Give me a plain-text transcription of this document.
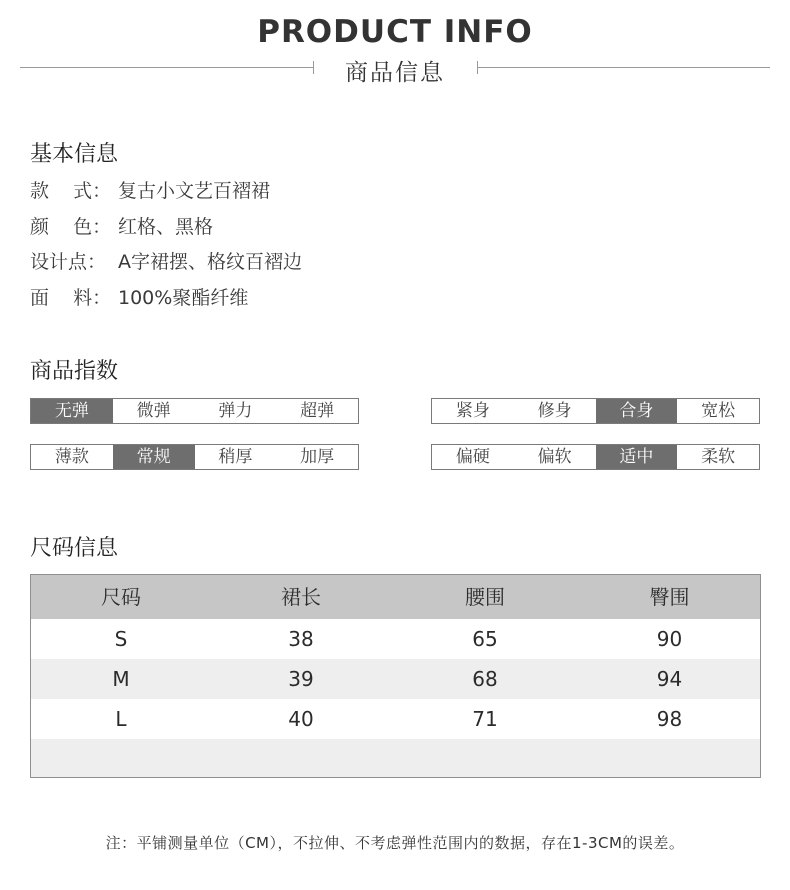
PRODUCT INFO
商品信息
基本信息
款    式： 复古小文艺百褶裙
颜    色： 红格、黑格
设计点： A字裙摆、格纹百褶边
面    料： 100%聚酯纤维
商品指数
无弹	微弹	弹力	超弹	紧身	修身	合身	宽松
薄款	常规	稍厚	加厚	偏硬	偏软	适中	柔软
尺码信息
尺码	裙长	腰围	臀围
S	38	65	90
M	39	68	94
L	40	71	98
注：平铺测量单位（CM），不拉伸、不考虑弹性范围内的数据，存在1-3CM的误差。
